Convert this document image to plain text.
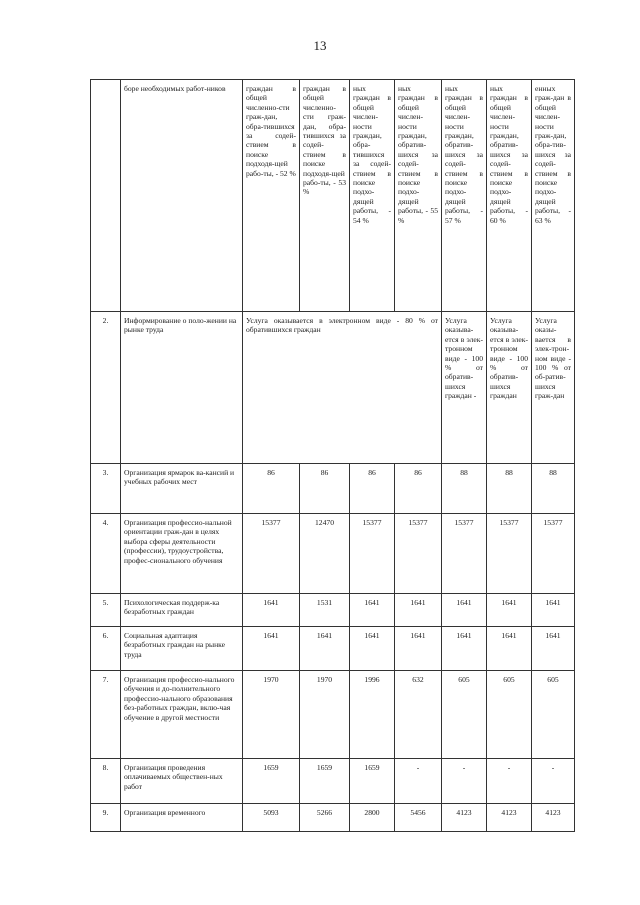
13
	боре необходимых работ-ников	граждан в общей численно-сти граж-дан, обра-тившихся за содей-ствием в поиске подходя-щей рабо-ты, - 52 %	граждан в общей численно-сти граж-дан, обра-тившихся за содей-ствием в поиске подходя-щей рабо-ты, - 53 %	ных граждан в общей числен-ности граждан, обра-тившихся за содей-ствием в поиске подхо-дящей работы, - 54 %	ных граждан в общей числен-ности граждан, обратив-шихся за содей-ствием в поиске подхо-дящей работы, - 55 %	ных граждан в общей числен-ности граждан, обратив-шихся за содей-ствием в поиске подхо-дящей работы, - 57 %	ных граждан в общей числен-ности граждан, обратив-шихся за содей-ствием в поиске подхо-дящей работы, - 60 %	енных граж-дан в общей числен-ности граж-дан, обра-тив-шихся за содей-ствием в поиске подхо-дящей работы, - 63 %
2.	Информирование о поло-жении на рынке труда	Услуга оказывается в электронном виде - 80 % от обратившихся граждан				Услуга оказыва-ется в элек-тронном виде - 100 % от обратив-шихся граждан -	Услуга оказыва-ется в элек-тронном виде - 100 % от обратив-шихся граждан	Услуга оказы-вается в элек-трон-ном виде - 100 % от об-ратив-шихся граж-дан
3.	Организация ярмарок ва-кансий и учебных рабочих мест	86	86	86	86	88	88	88
4.	Организация профессио-нальной ориентации граж-дан в целях выбора сферы деятельности (профессии), трудоустройства, профес-сионального обучения	15377	12470	15377	15377	15377	15377	15377
5.	Психологическая поддерж-ка безработных граждан	1641	1531	1641	1641	1641	1641	1641
6.	Социальная адаптация безработных граждан на рынке труда	1641	1641	1641	1641	1641	1641	1641
7.	Организация профессио-нального обучения и до-полнительного профессио-нального образования без-работных граждан, вклю-чая обучение в другой местности	1970	1970	1996	632	605	605	605
8.	Организация проведения оплачиваемых обществен-ных работ	1659	1659	1659	-	-	-	-
9.	Организация временного	5093	5266	2800	5456	4123	4123	4123
